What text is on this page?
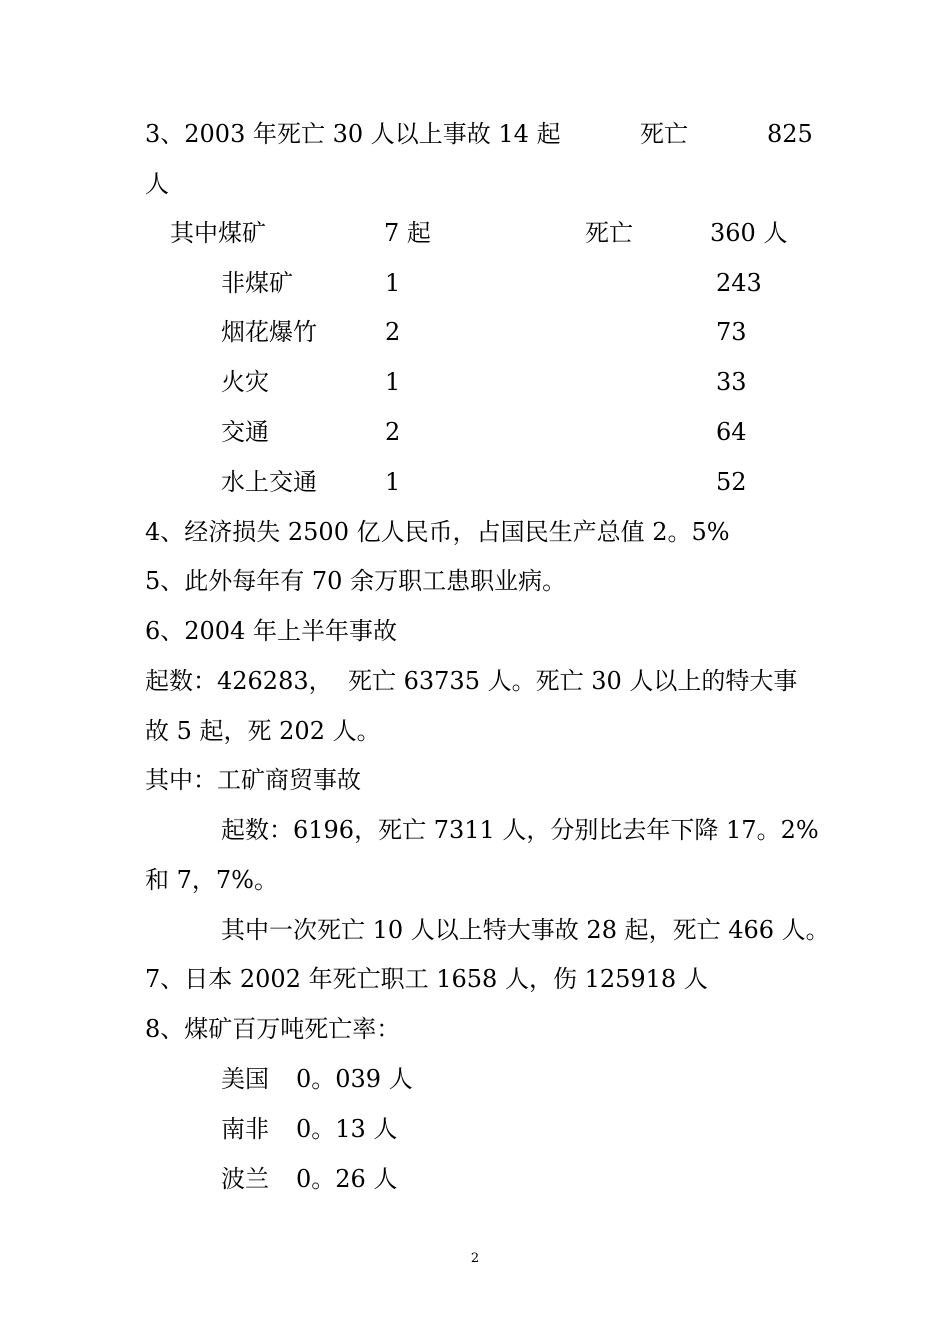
3、2003 年死亡 30 人以上事故 14 起	死亡	825
人
其中煤矿	7 起	死亡	360 人
非煤矿	1	243
烟花爆竹	2	73
火灾	1	33
交通	2	64
水上交通	1	52
4、经济损失 2500 亿人民币，占国民生产总值 2。5%
5、此外每年有 70 余万职工患职业病。
6、2004 年上半年事故
起数：426283， 死亡 63735 人。死亡 30 人以上的特大事
故 5 起，死 202 人。
其中：工矿商贸事故
起数：6196，死亡 7311 人，分别比去年下降 17。2%
和 7，7%。
其中一次死亡 10 人以上特大事故 28 起，死亡 466 人。
7、日本 2002 年死亡职工 1658 人，伤 125918 人
8、煤矿百万吨死亡率：
美国 0。039 人
南非 0。13 人
波兰 0。26 人
2
